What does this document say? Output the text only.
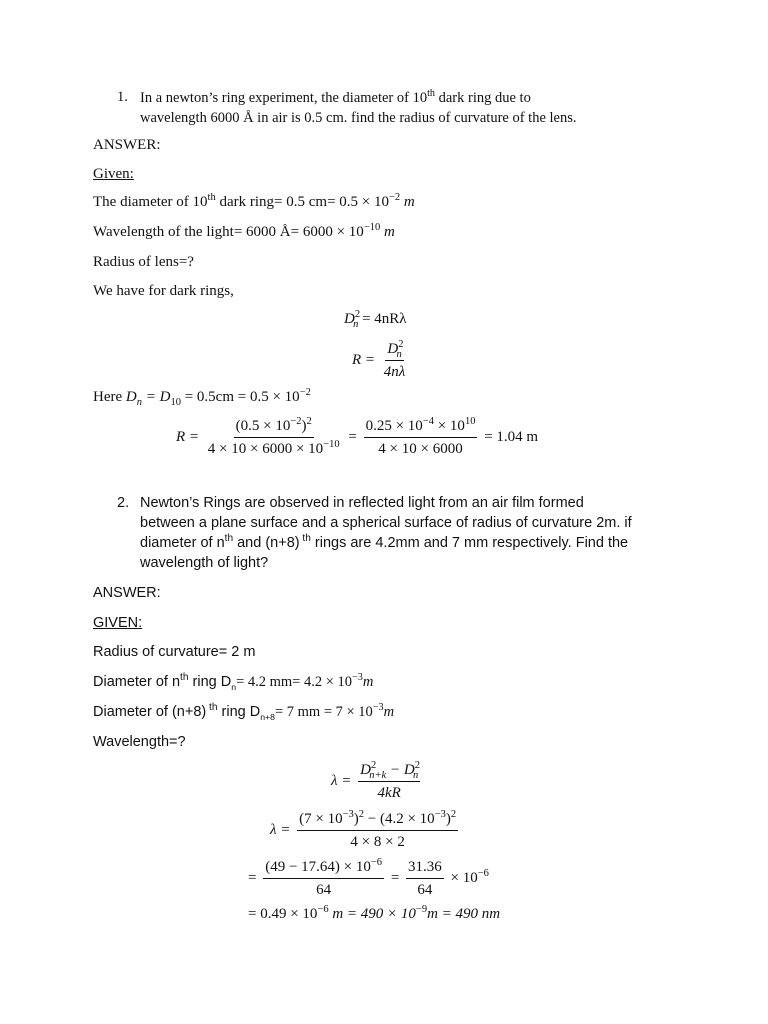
1. In a newton’s ring experiment, the diameter of 10th dark ring due to
wavelength 6000 Å in air is 0.5 cm. find the radius of curvature of the lens.
ANSWER:
Given:
The diameter of 10th dark ring= 0.5 $cm= 0.5 \times 10^{-2}$ m
Wavelength of the light= 6000 Å= $6000 \times 10^{-10}$ m
Radius of lens=?
We have for dark rings,
$D^2_n = 4nR\lambda$
$R = \frac{D^2_n}{4n\lambda}$
Here $D_n = D_{10} = 0.5cm = 0.5 \times 10^{-2}$
$R = \frac{(0.5 \times 10^{-2})^2}{4 \times 10 \times 6000 \times 10^{-10}} = \frac{0.25 \times 10^{-4} \times 10^{10}}{4 \times 10 \times 6000} = 1.04$ m
2. Newton’s Rings are observed in reflected light from an air film formed
between a plane surface and a spherical surface of radius of curvature 2m. if
diameter of $n^{th}$ and (n+8) $^{th}$ rings are 4.2mm and 7 mm respectively. Find the
wavelength of light?
ANSWER:
GIVEN:
Radius of curvature= 2 m
Diameter of $n^{th}$ ring $D_n= 4.2$ $mm= 4.2 \times 10^{-3}m$
Diameter of (n+8) $^{th}$ ring $D_{n+8}= 7$ mm = $7 \times 10^{-3}m$
Wavelength=?
$\lambda = \frac{D^2_{n+k} - D^2_n}{4kR}$
$\lambda = \frac{(7 \times 10^{-3})^2 - (4.2 \times 10^{-3})^2}{4 \times 8 \times 2}$
= $\frac{(49 - 17.64) \times 10^{-6}}{64} = \frac{31.36}{64} \times 10^{-6}$
= $0.49 \times 10^{-6}$ $m = 490 \times 10^{-9}m = 490$ nm
